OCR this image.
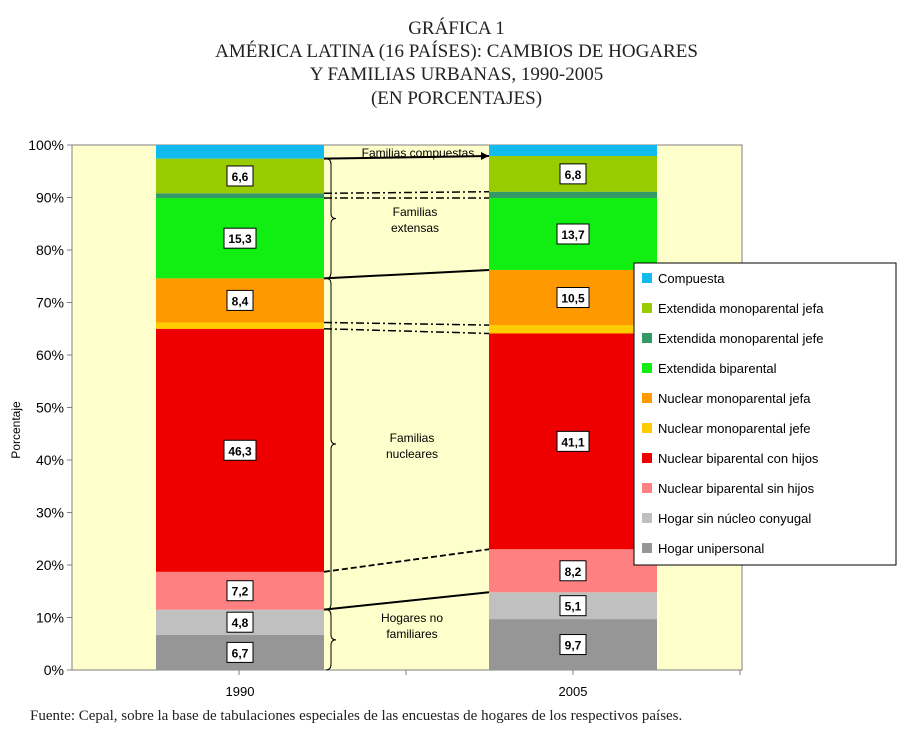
GRÁFICA 1
AMÉRICA LATINA (16 PAÍSES): CAMBIOS DE HOGARES
Y FAMILIAS URBANAS, 1990-2005
(EN PORCENTAJES)
0%
10%
20%
30%
40%
50%
60%
70%
80%
90%
100%
1990	2005
Familias compuestas
Familias
extensas
Familias
nucleares
Hogares no
familiares
Porcentaje
Compuesta
Extendida monoparental jefa
Extendida monoparental jefe
Extendida biparental
Nuclear monoparental jefa
Nuclear monoparental jefe
Nuclear biparental con hijos
Nuclear biparental sin hijos
Hogar sin núcleo conyugal
Hogar unipersonal
6,7
4,8
7,2
46,3
8,4
15,3
6,6
9,7
5,1
8,2
41,1
10,5
13,7
6,8
Fuente: Cepal, sobre la base de tabulaciones especiales de las encuestas de hogares de los respectivos países.
